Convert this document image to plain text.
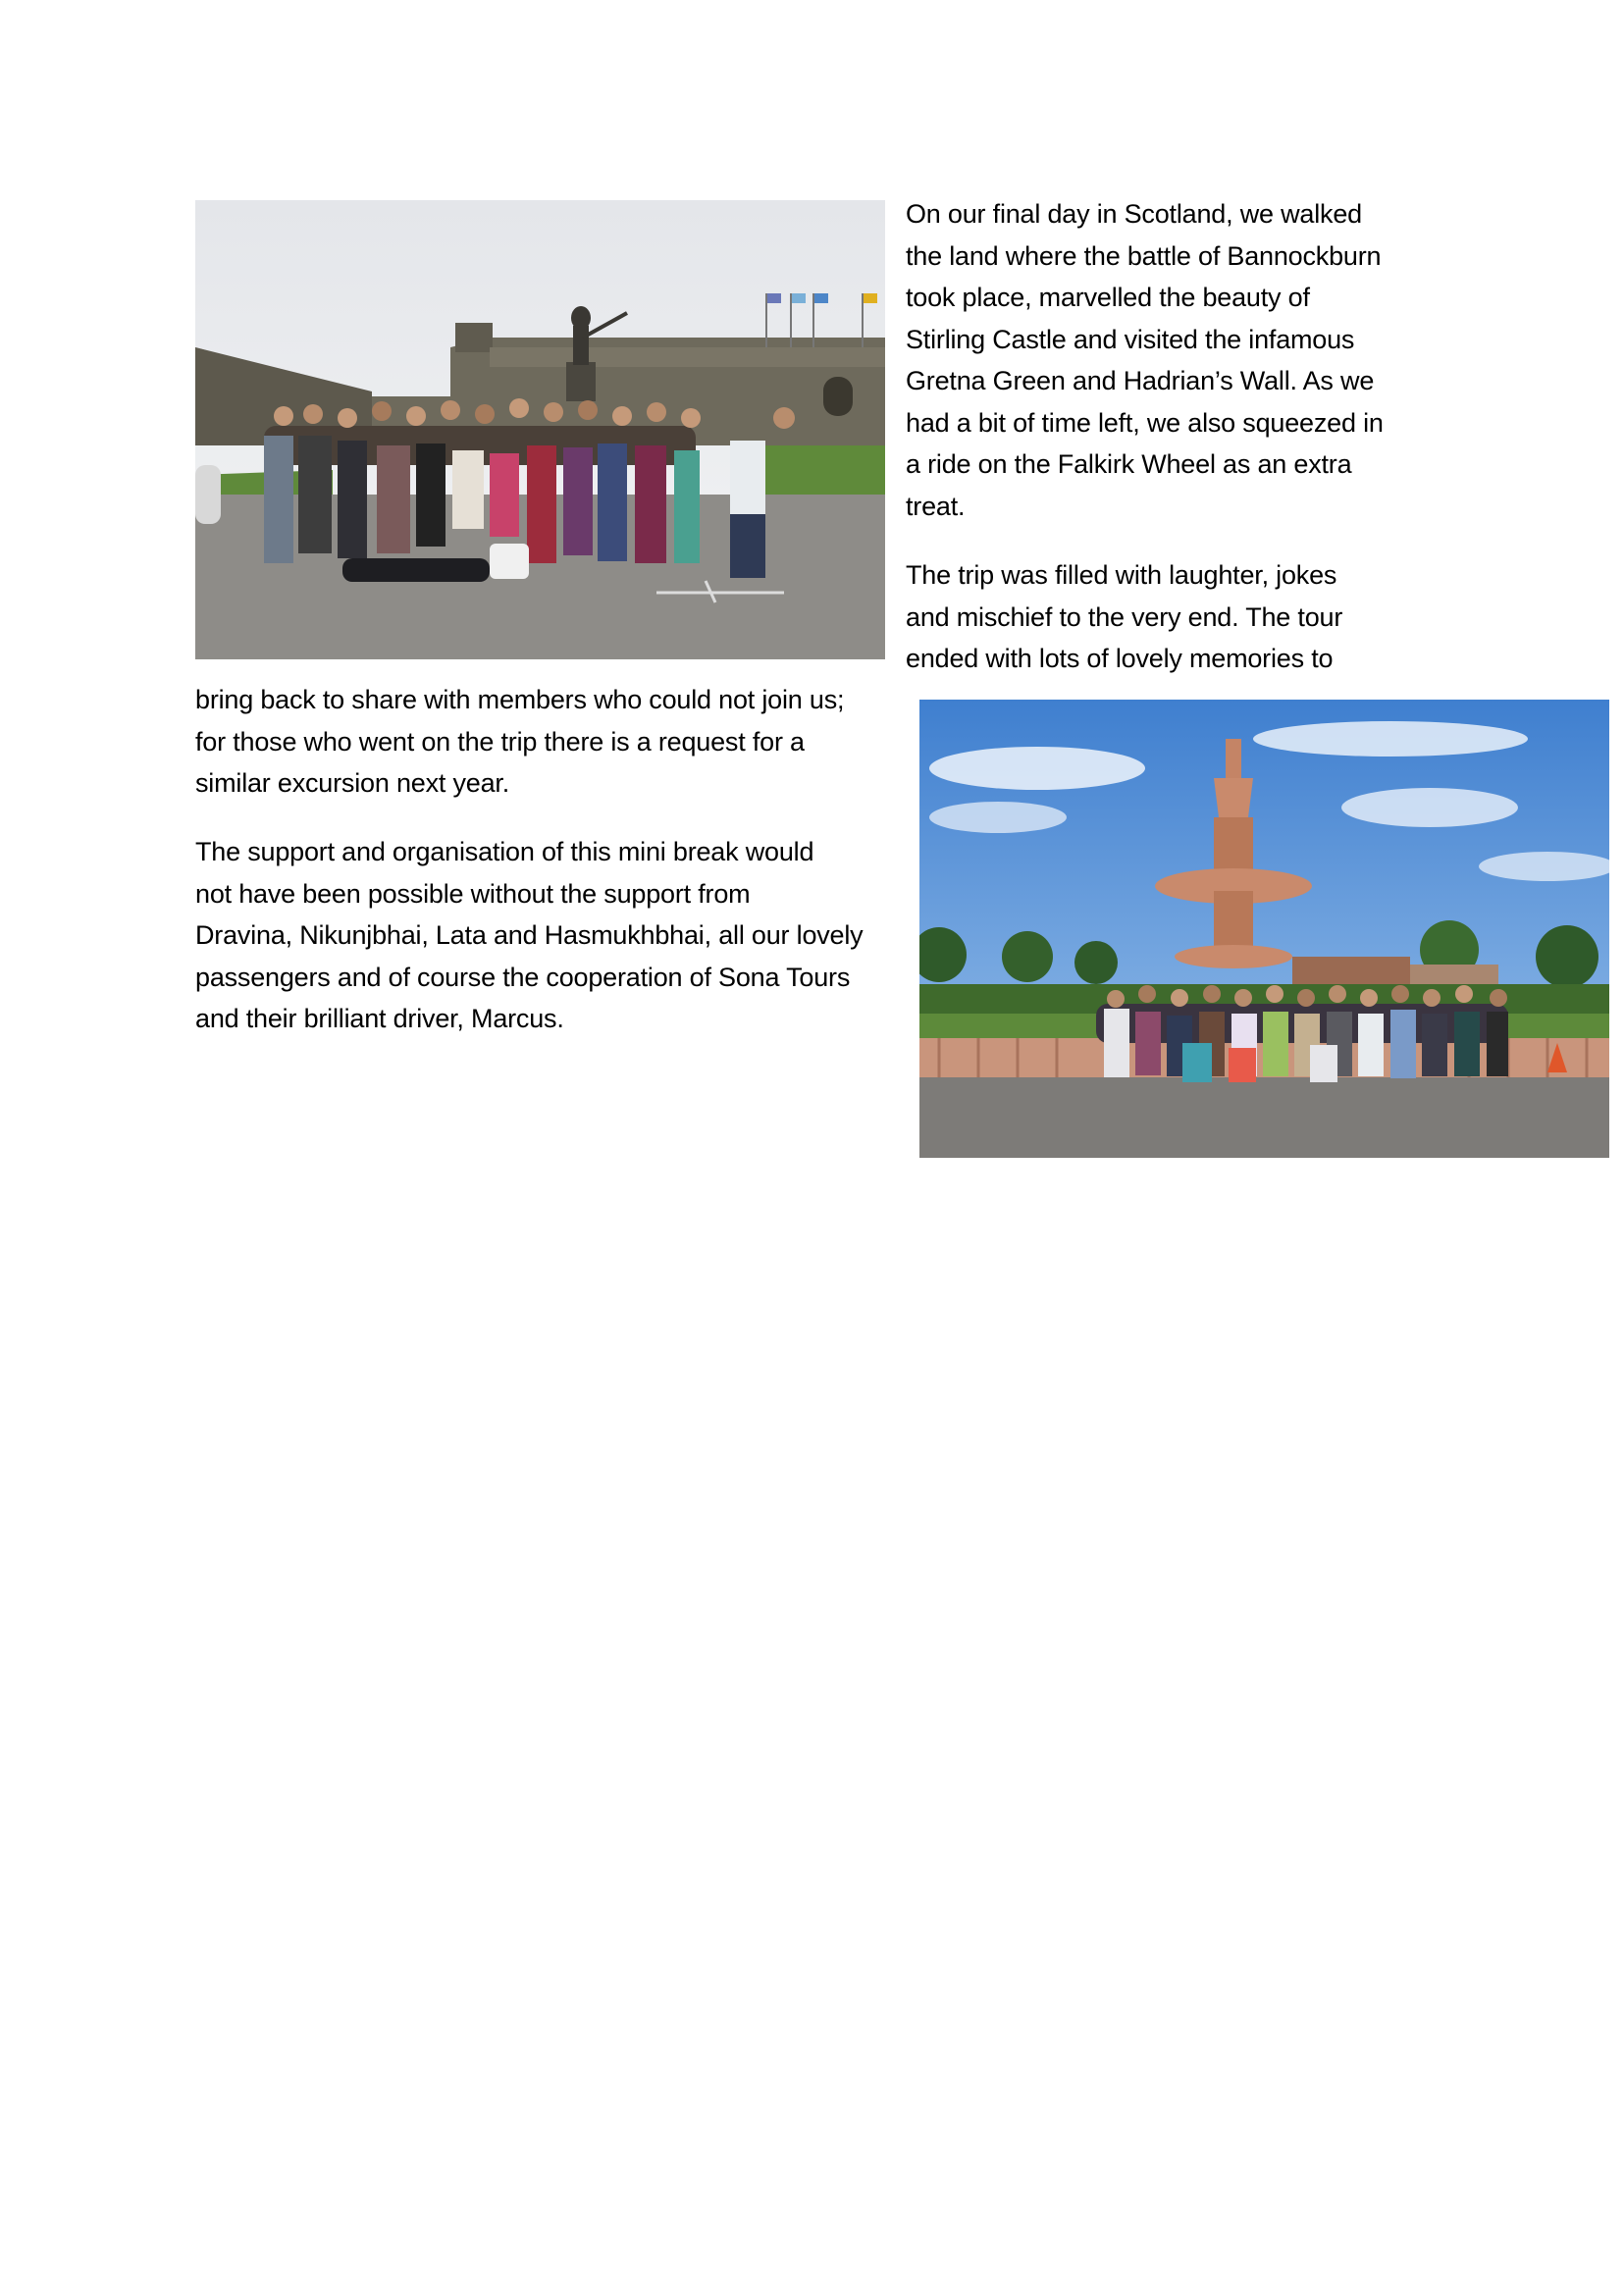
On our final day in Scotland, we walked
the land where the battle of Bannockburn
took place, marvelled the beauty of
Stirling Castle and visited the infamous
Gretna Green and Hadrian’s Wall. As we
had a bit of time left, we also squeezed in
a ride on the Falkirk Wheel as an extra
treat.

The trip was filled with laughter, jokes
and mischief to the very end. The tour
ended with lots of lovely memories to

bring back to share with members who could not join us;
for those who went on the trip there is a request for a
similar excursion next year.

The support and organisation of this mini break would
not have been possible without the support from
Dravina, Nikunjbhai, Lata and Hasmukhbhai, all our lovely
passengers and of course the cooperation of Sona Tours
and their brilliant driver, Marcus.
